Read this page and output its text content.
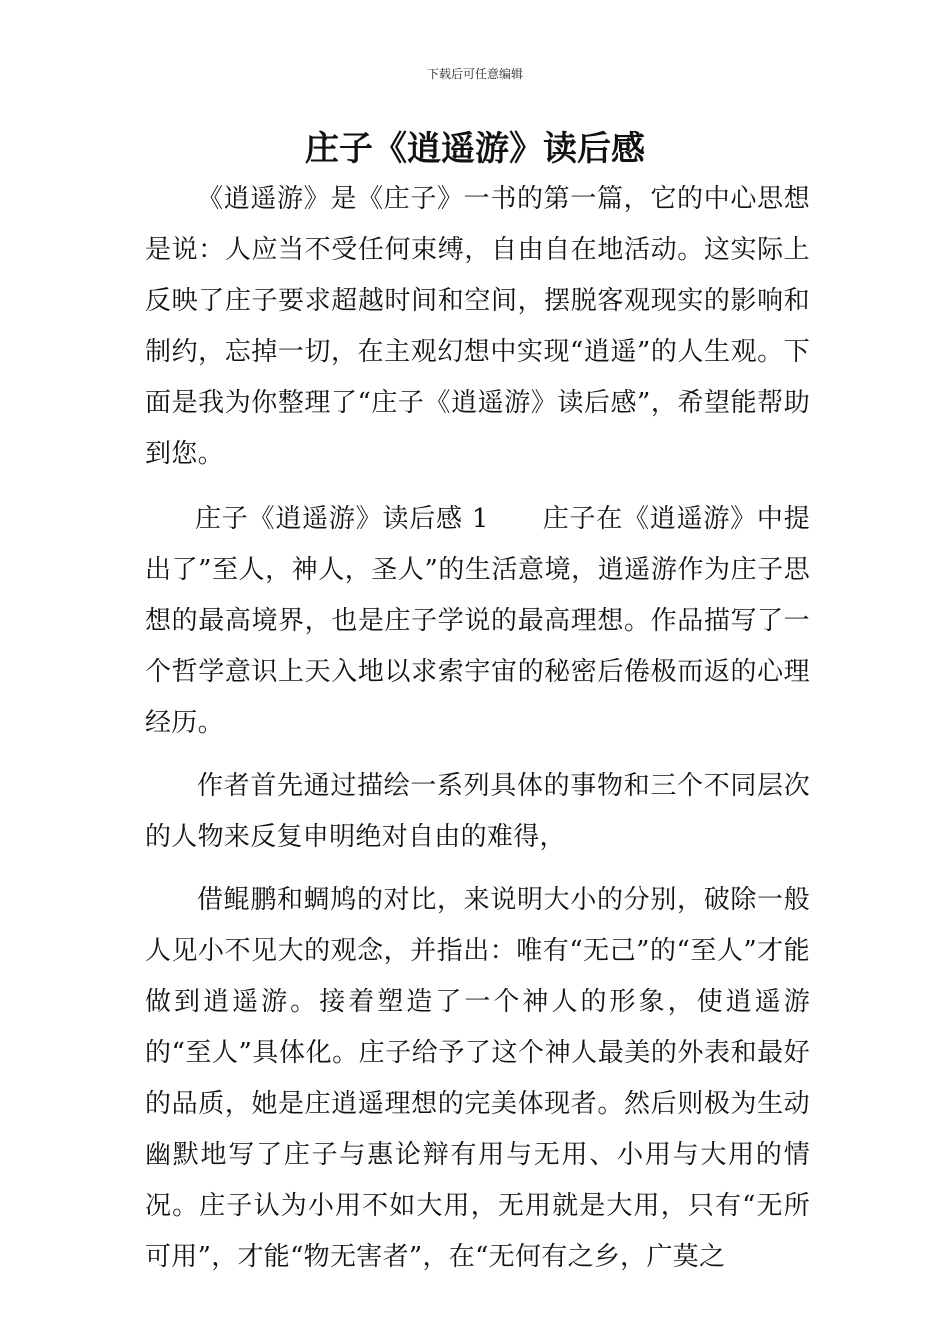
下载后可任意编辑
庄子《逍遥游》读后感

《逍遥游》是《庄子》一书的第一篇，它的中心思想是说：人应当不受任何束缚，自由自在地活动。这实际上反映了庄子要求超越时间和空间，摆脱客观现实的影响和制约，忘掉一切，在主观幻想中实现“逍遥”的人生观。下面是我为你整理了“庄子《逍遥游》读后感”，希望能帮助到您。

庄子《逍遥游》读后感 1　　庄子在《逍遥游》中提出了”至人，神人，圣人”的生活意境，逍遥游作为庄子思想的最高境界，也是庄子学说的最高理想。作品描写了一个哲学意识上天入地以求索宇宙的秘密后倦极而返的心理经历。

作者首先通过描绘一系列具体的事物和三个不同层次的人物来反复申明绝对自由的难得，

借鲲鹏和蜩鸠的对比，来说明大小的分别，破除一般人见小不见大的观念，并指出：唯有“无己”的“至人”才能做到逍遥游。接着塑造了一个神人的形象，使逍遥游的“至人”具体化。庄子给予了这个神人最美的外表和最好的品质，她是庄逍遥理想的完美体现者。然后则极为生动幽默地写了庄子与惠论辩有用与无用、小用与大用的情况。庄子认为小用不如大用，无用就是大用，只有“无所可用”，才能“物无害者”，在“无何有之乡，广莫之
